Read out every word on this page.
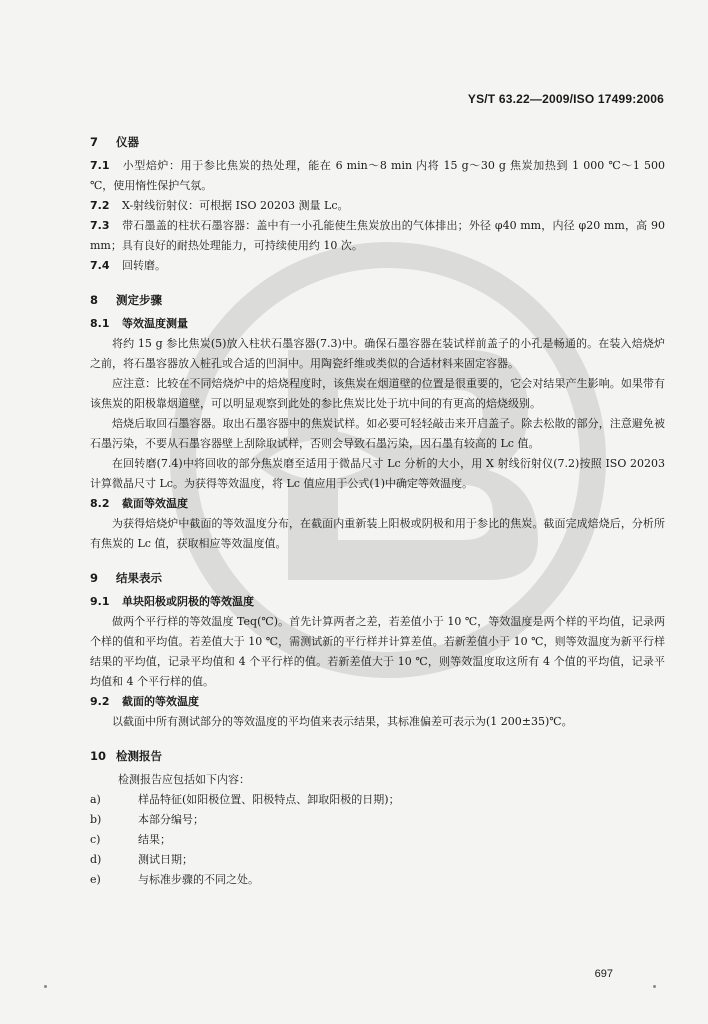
YS/T 63.22—2009/ISO 17499:2006
7 仪器
7.1 小型焙炉：用于参比焦炭的热处理，能在 6 min～8 min 内将 15 g～30 g 焦炭加热到 1 000 ℃～1 500 ℃，使用惰性保护气氛。
7.2 X-射线衍射仪：可根据 ISO 20203 测量 Lc。
7.3 带石墨盖的柱状石墨容器：盖中有一小孔能使生焦炭放出的气体排出；外径 φ40 mm，内径 φ20 mm，高 90 mm；具有良好的耐热处理能力，可持续使用约 10 次。
7.4 回转磨。
8 测定步骤
8.1 等效温度测量

将约 15 g 参比焦炭(5)放入柱状石墨容器(7.3)中。确保石墨容器在装试样前盖子的小孔是畅通的。在装入焙烧炉之前，将石墨容器放入桩孔或合适的凹洞中。用陶瓷纤维或类似的合适材料来固定容器。

应注意：比较在不同焙烧炉中的焙烧程度时，该焦炭在烟道壁的位置是很重要的，它会对结果产生影响。如果带有该焦炭的阳极靠烟道壁，可以明显观察到此处的参比焦炭比处于坑中间的有更高的焙烧级别。

焙烧后取回石墨容器。取出石墨容器中的焦炭试样。如必要可轻轻敲击来开启盖子。除去松散的部分，注意避免被石墨污染，不要从石墨容器壁上刮除取试样，否则会导致石墨污染，因石墨有较高的 Lc 值。

在回转磨(7.4)中将回收的部分焦炭磨至适用于微晶尺寸 Lc 分析的大小，用 X 射线衍射仪(7.2)按照 ISO 20203 计算微晶尺寸 Lc。为获得等效温度，将 Lc 值应用于公式(1)中确定等效温度。

8.2 截面等效温度

为获得焙烧炉中截面的等效温度分布，在截面内重新装上阳极或阴极和用于参比的焦炭。截面完成焙烧后，分析所有焦炭的 Lc 值，获取相应等效温度值。

9 结果表示
9.1 单块阳极或阴极的等效温度

做两个平行样的等效温度 Teq(℃)。首先计算两者之差，若差值小于 10 ℃，等效温度是两个样的平均值，记录两个样的值和平均值。若差值大于 10 ℃，需测试新的平行样并计算差值。若新差值小于 10 ℃，则等效温度为新平行样结果的平均值，记录平均值和 4 个平行样的值。若新差值大于 10 ℃，则等效温度取这所有 4 个值的平均值，记录平均值和 4 个平行样的值。

9.2 截面的等效温度

以截面中所有测试部分的等效温度的平均值来表示结果，其标准偏差可表示为(1 200±35)℃。

10 检测报告
检测报告应包括如下内容：
a)	样品特征(如阳极位置、阳极特点、卸取阳极的日期)；
b)	本部分编号；
c)	结果；
d)	测试日期；
e)	与标准步骤的不同之处。
697
